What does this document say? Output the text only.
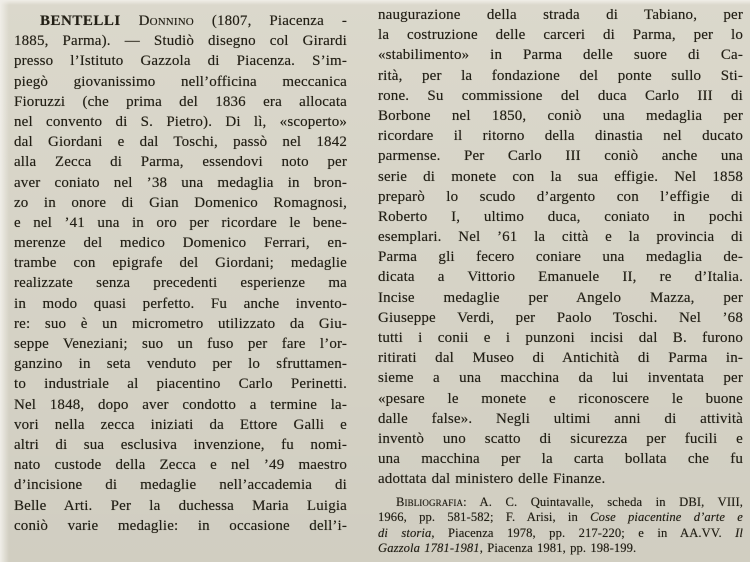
BENTELLI Donnino (1807, Piacenza -
1885, Parma). — Studiò disegno col Girardi
presso l’Istituto Gazzola di Piacenza. S’im-
piegò giovanissimo nell’officina meccanica
Fioruzzi (che prima del 1836 era allocata
nel convento di S. Pietro). Di lì, «scoperto»
dal Giordani e dal Toschi, passò nel 1842
alla Zecca di Parma, essendovi noto per
aver coniato nel ’38 una medaglia in bron-
zo in onore di Gian Domenico Romagnosi,
e nel ’41 una in oro per ricordare le bene-
merenze del medico Domenico Ferrari, en-
trambe con epigrafe del Giordani; medaglie
realizzate senza precedenti esperienze ma
in modo quasi perfetto. Fu anche invento-
re: suo è un micrometro utilizzato da Giu-
seppe Veneziani; suo un fuso per fare l’or-
ganzino in seta venduto per lo sfruttamen-
to industriale al piacentino Carlo Perinetti.
Nel 1848, dopo aver condotto a termine la-
vori nella zecca iniziati da Ettore Galli e
altri di sua esclusiva invenzione, fu nomi-
nato custode della Zecca e nel ’49 maestro
d’incisione di medaglie nell’accademia di
Belle Arti. Per la duchessa Maria Luigia
coniò varie medaglie: in occasione dell’i-
naugurazione della strada di Tabiano, per
la costruzione delle carceri di Parma, per lo
«stabilimento» in Parma delle suore di Ca-
rità, per la fondazione del ponte sullo Sti-
rone. Su commissione del duca Carlo III di
Borbone nel 1850, coniò una medaglia per
ricordare il ritorno della dinastia nel ducato
parmense. Per Carlo III coniò anche una
serie di monete con la sua effigie. Nel 1858
preparò lo scudo d’argento con l’effigie di
Roberto I, ultimo duca, coniato in pochi
esemplari. Nel ’61 la città e la provincia di
Parma gli fecero coniare una medaglia de-
dicata a Vittorio Emanuele II, re d’Italia.
Incise medaglie per Angelo Mazza, per
Giuseppe Verdi, per Paolo Toschi. Nel ’68
tutti i conii e i punzoni incisi dal B. furono
ritirati dal Museo di Antichità di Parma in-
sieme a una macchina da lui inventata per
«pesare le monete e riconoscere le buone
dalle false». Negli ultimi anni di attività
inventò uno scatto di sicurezza per fucili e
una macchina per la carta bollata che fu
adottata dal ministero delle Finanze.
Bibliografia: A. C. Quintavalle, scheda in DBI, VIII,
1966, pp. 581-582; F. Arisi, in Cose piacentine d’arte e
di storia, Piacenza 1978, pp. 217-220; e in AA.VV. Il
Gazzola 1781-1981, Piacenza 1981, pp. 198-199.
